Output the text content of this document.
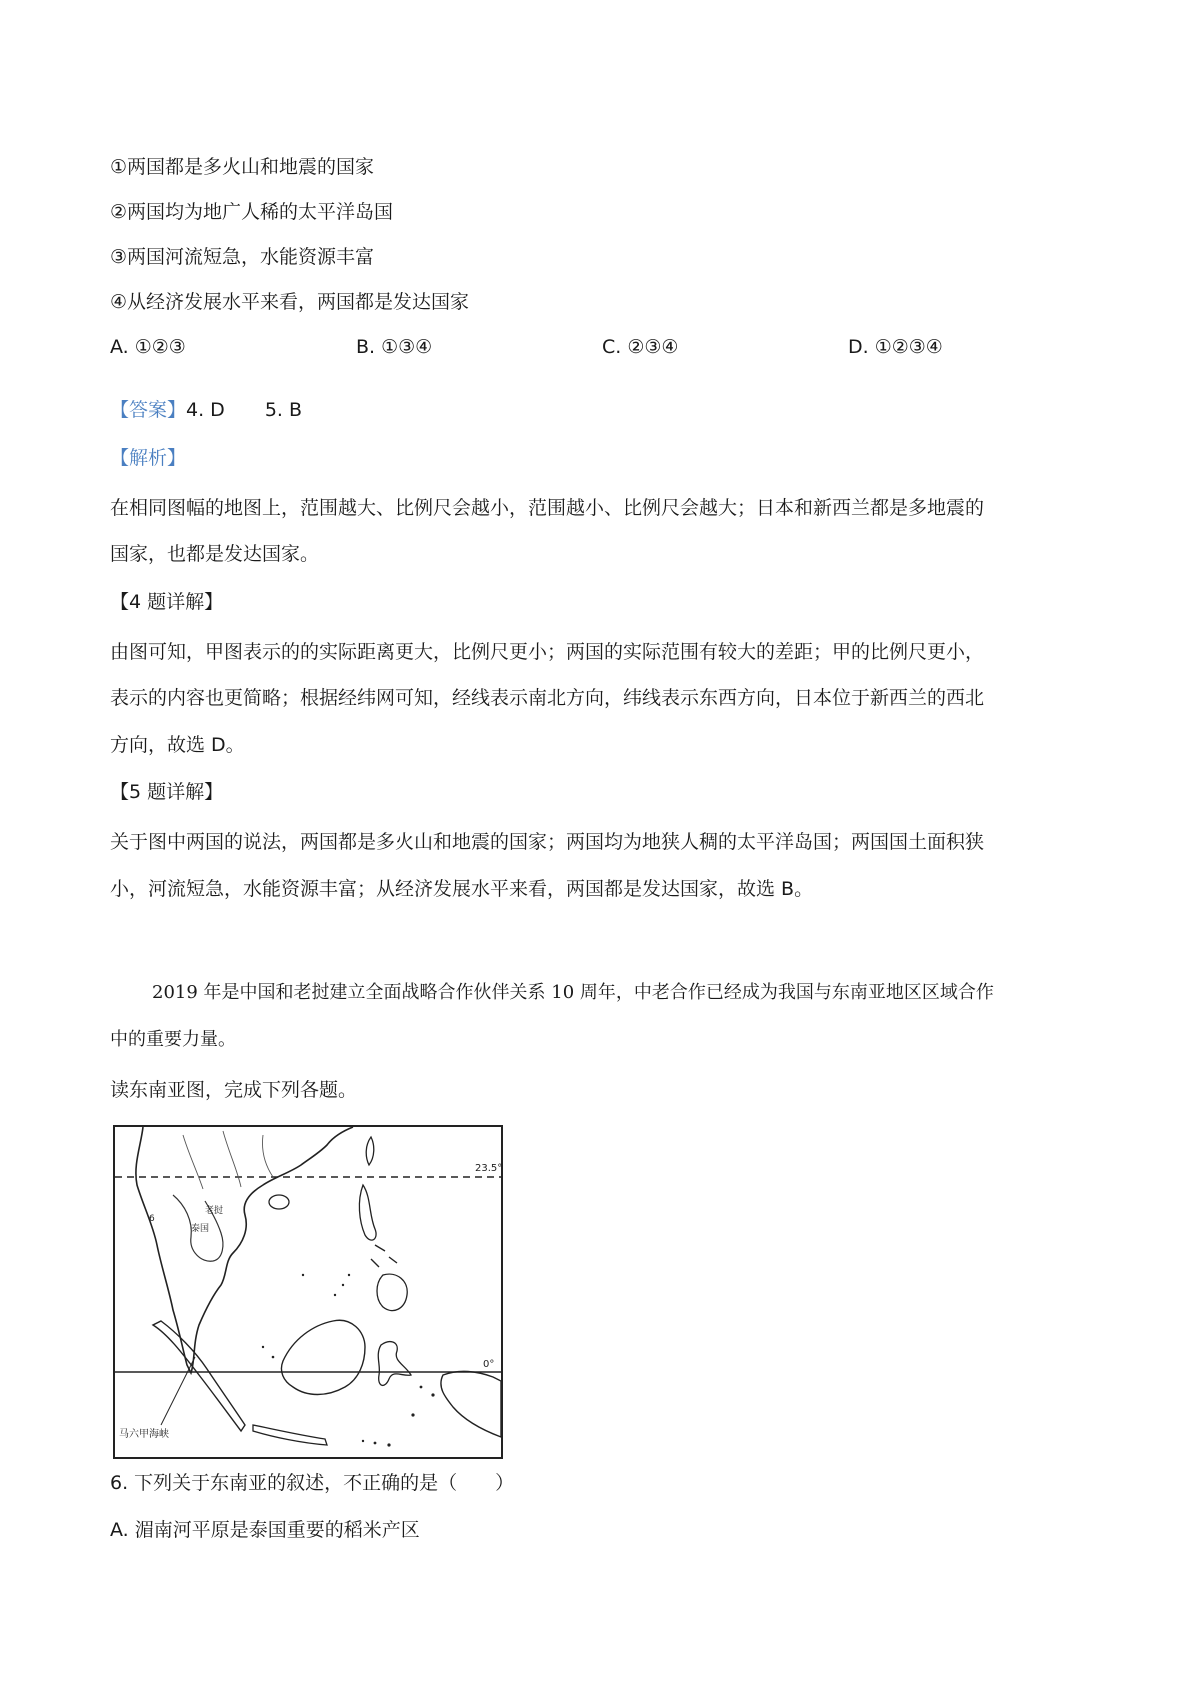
①两国都是多火山和地震的国家
②两国均为地广人稀的太平洋岛国
③两国河流短急，水能资源丰富
④从经济发展水平来看，两国都是发达国家
A. ①②③	B. ①③④	C. ②③④	D. ①②③④
【答案】4. D 5. B
【解析】
在相同图幅的地图上，范围越大、比例尺会越小，范围越小、比例尺会越大；日本和新西兰都是多地震的
国家，也都是发达国家。
【4 题详解】
由图可知，甲图表示的的实际距离更大，比例尺更小；两国的实际范围有较大的差距；甲的比例尺更小，
表示的内容也更简略；根据经纬网可知，经线表示南北方向，纬线表示东西方向，日本位于新西兰的西北
方向，故选 D。
【5 题详解】
关于图中两国的说法，两国都是多火山和地震的国家；两国均为地狭人稠的太平洋岛国；两国国土面积狭
小，河流短急，水能资源丰富；从经济发展水平来看，两国都是发达国家，故选 B。
2019 年是中国和老挝建立全面战略合作伙伴关系 10 周年，中老合作已经成为我国与东南亚地区区域合作
中的重要力量。
读东南亚图，完成下列各题。
23.5°
0°
马六甲海峡
6
老挝
泰国
6. 下列关于东南亚的叙述，不正确的是（　　）
A. 湄南河平原是泰国重要的稻米产区
